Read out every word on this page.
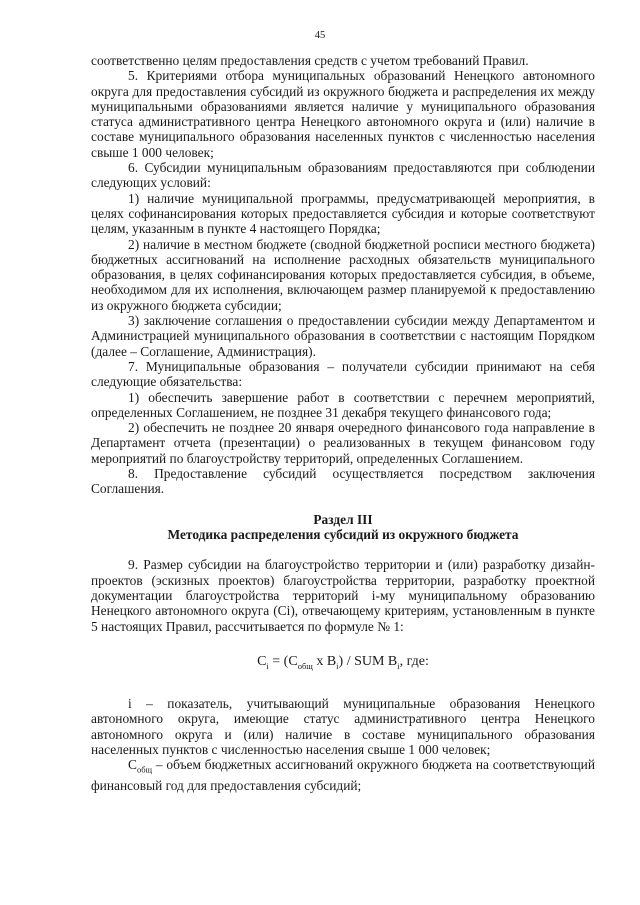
45

соответственно целям предоставления средств с учетом требований Правил.

5. Критериями отбора муниципальных образований Ненецкого автономного округа для предоставления субсидий из окружного бюджета и распределения их между муниципальными образованиями является наличие у муниципального образования статуса административного центра Ненецкого автономного округа и (или) наличие в составе муниципального образования населенных пунктов с численностью населения свыше 1 000 человек;

6. Субсидии муниципальным образованиям предоставляются при соблюдении следующих условий:

1) наличие муниципальной программы, предусматривающей мероприятия, в целях софинансирования которых предоставляется субсидия и которые соответствуют целям, указанным в пункте 4 настоящего Порядка;

2) наличие в местном бюджете (сводной бюджетной росписи местного бюджета) бюджетных ассигнований на исполнение расходных обязательств муниципального образования, в целях софинансирования которых предоставляется субсидия, в объеме, необходимом для их исполнения, включающем размер планируемой к предоставлению из окружного бюджета субсидии;

3) заключение соглашения о предоставлении субсидии между Департаментом и Администрацией муниципального образования в соответствии с настоящим Порядком (далее – Соглашение, Администрация).

7. Муниципальные образования – получатели субсидии принимают на себя следующие обязательства:

1) обеспечить завершение работ в соответствии с перечнем мероприятий, определенных Соглашением, не позднее 31 декабря текущего финансового года;

2) обеспечить не позднее 20 января очередного финансового года направление в Департамент отчета (презентации) о реализованных в текущем финансовом году мероприятий по благоустройству территорий, определенных Соглашением.

8. Предоставление субсидий осуществляется посредством заключения Соглашения.

Раздел III
Методика распределения субсидий из окружного бюджета

9. Размер субсидии на благоустройство территории и (или) разработку дизайн-проектов (эскизных проектов) благоустройства территории, разработку проектной документации благоустройства территорий i-му муниципальному образованию Ненецкого автономного округа (Ci), отвечающему критериям, установленным в пункте 5 настоящих Правил, рассчитывается по формуле № 1:

$C_i = (C_{общ}$ x $B_i$) / SUM $B_i$, где:

i – показатель, учитывающий муниципальные образования Ненецкого автономного округа, имеющие статус административного центра Ненецкого автономного округа и (или) наличие в составе муниципального образования населенных пунктов с численностью населения свыше 1 000 человек;

$C_{общ}$ – объем бюджетных ассигнований окружного бюджета на соответствующий финансовый год для предоставления субсидий;
